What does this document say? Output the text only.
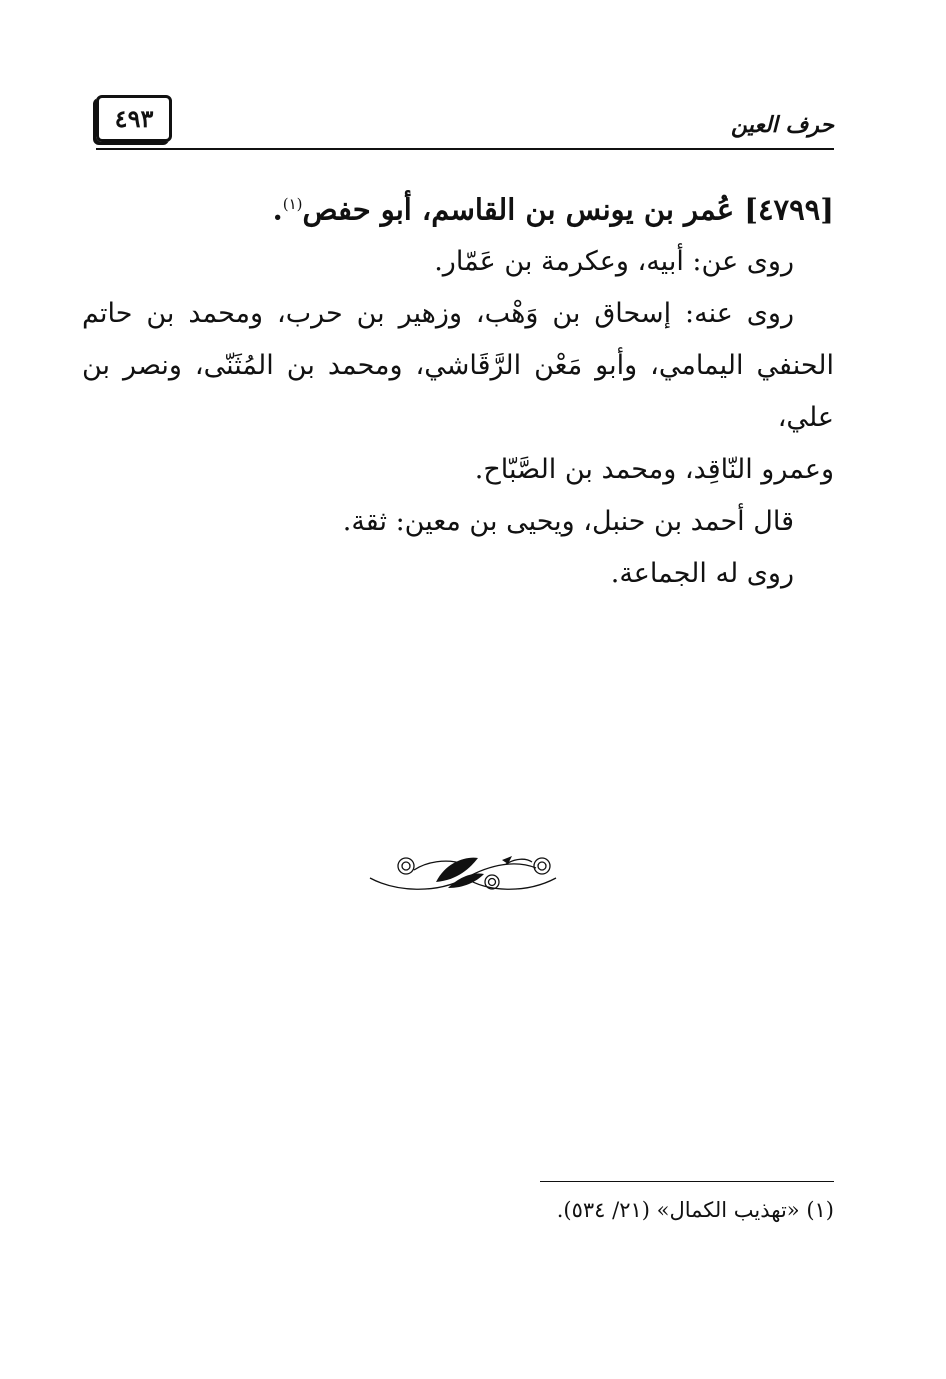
٤٩٣	حرف العين
[٤٧٩٩] عُمر بن يونس بن القاسم، أبو حفص$^{(١)}$.
روى عن: أبيه، وعكرمة بن عَمّار.
روى عنه: إسحاق بن وَهْب، وزهير بن حرب، ومحمد بن حاتم
الحنفي اليمامي، وأبو مَعْن الرَّقَاشي، ومحمد بن المُثَنّى، ونصر بن علي،
وعمرو النّاقِد، ومحمد بن الصَّبّاح.
قال أحمد بن حنبل، ويحيى بن معين: ثقة.
روى له الجماعة.
(١) «تهذيب الكمال» (٢١/ ٥٣٤).
